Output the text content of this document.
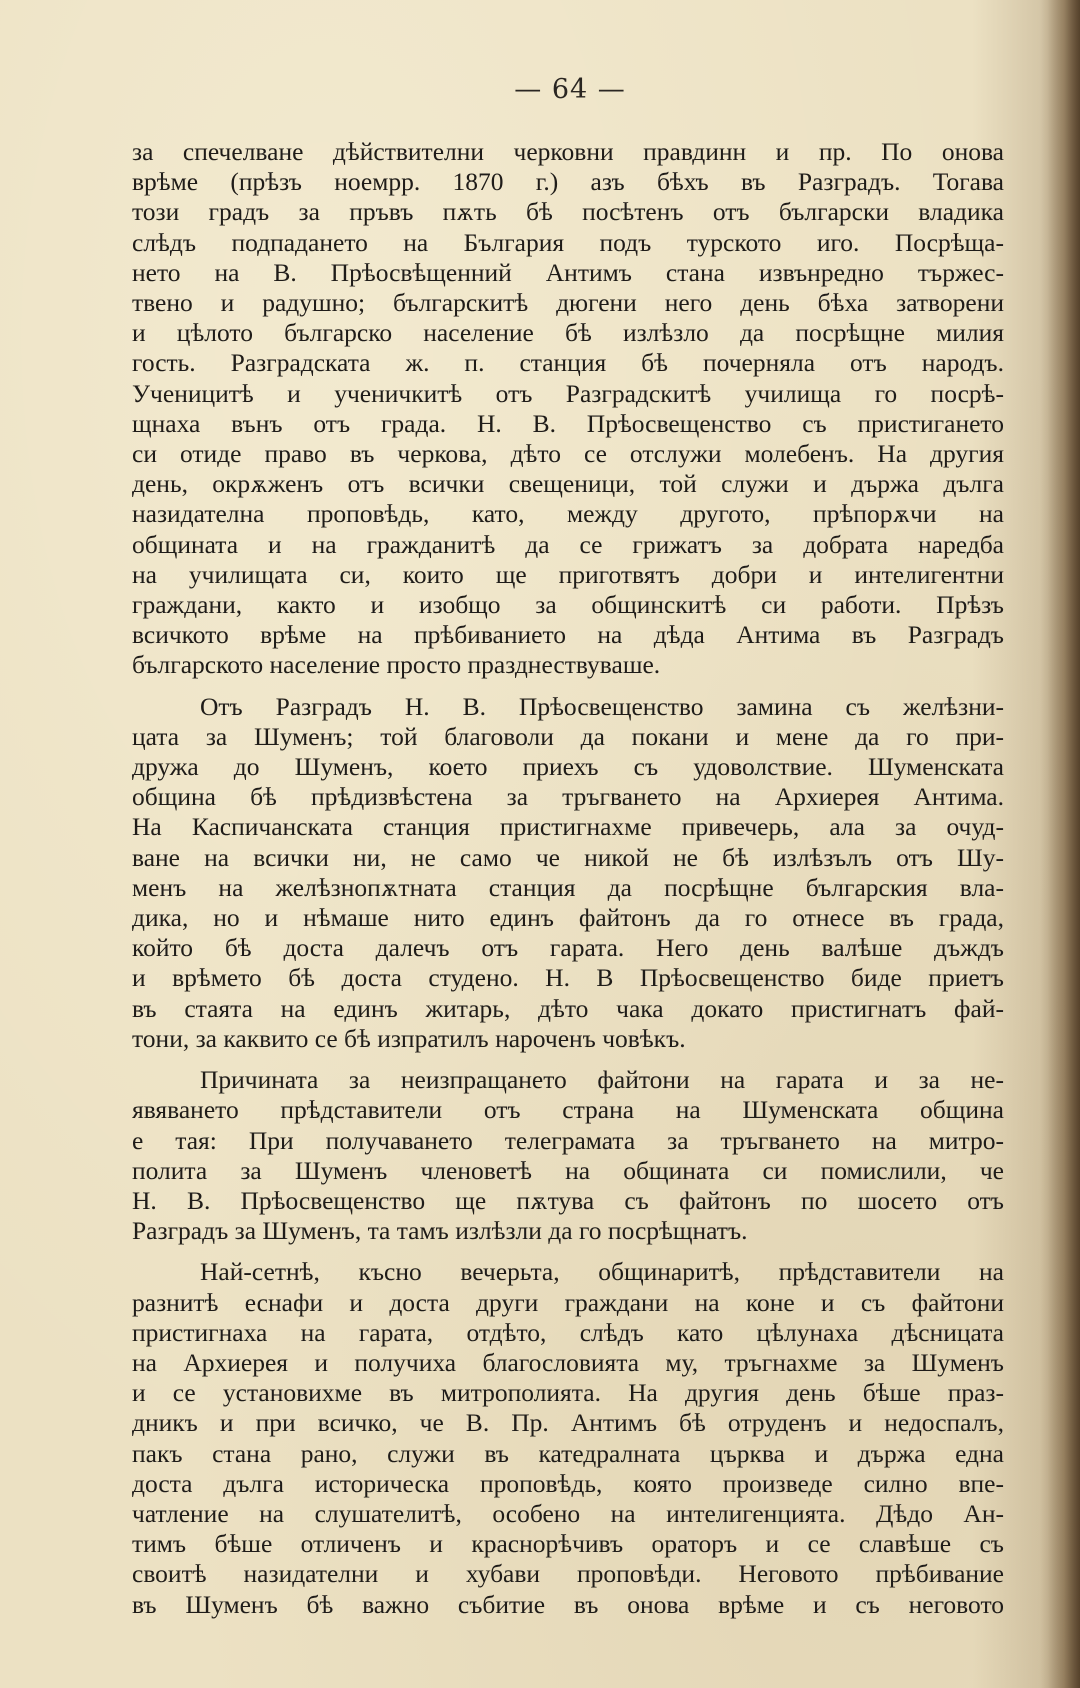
— 64 —
за спечелване дѣйствителни черковни правдинн и пр. По онова
врѣме (прѣзъ ноемрр. 1870 г.) азъ бѣхъ въ Разградъ. Тогава
този градъ за пръвъ пѫть бѣ посѣтенъ отъ български владика
слѣдъ подпадането на България подъ турското иго. Посрѣща-
нето на В. Прѣосвѣщенний Антимъ стана извънредно тържес-
твено и радушно; българскитѣ дюгени него день бѣха затворени
и цѣлото българско население бѣ излѣзло да посрѣщне милия
гость. Разградската ж. п. станция бѣ почерняла отъ народъ.
Ученицитѣ и ученичкитѣ отъ Разградскитѣ училища го посрѣ-
щнаха вънъ отъ града. Н. В. Прѣосвещенство съ пристигането
си отиде право въ черкова, дѣто се отслужи молебенъ. На другия
день, окрѫженъ отъ всички свещеници, той служи и държа дълга
назидателна проповѣдь, като, между другото, прѣпорѫчи на
общината и на гражданитѣ да се грижатъ за добрата наредба
на училищата си, които ще приготвятъ добри и интелигентни
граждани, както и изобщо за общинскитѣ си работи. Прѣзъ
всичкото врѣме на прѣбиванието на дѣда Антима въ Разградъ
българското население просто празднествуваше.
Отъ Разградъ Н. В. Прѣосвещенство замина съ желѣзни-
цата за Шуменъ; той благоволи да покани и мене да го при-
дружа до Шуменъ, което приехъ съ удоволствие. Шуменската
община бѣ прѣдизвѣстена за тръгването на Архиерея Антима.
На Каспичанската станция пристигнахме привечерь, ала за очуд-
ване на всички ни, не само че никой не бѣ излѣзълъ отъ Шу-
менъ на желѣзнопѫтната станция да посрѣщне българския вла-
дика, но и нѣмаше нито единъ файтонъ да го отнесе въ града,
който бѣ доста далечъ отъ гарата. Него день валѣше дъждъ
и врѣмето бѣ доста студено. Н. В Прѣосвещенство биде приетъ
въ стаята на единъ житарь, дѣто чака докато пристигнатъ фай-
тони, за каквито се бѣ изпратилъ нароченъ човѣкъ.
Причината за неизпращането файтони на гарата и за не-
явяването прѣдставители отъ страна на Шуменската община
е тая: При получаването телеграмата за тръгването на митро-
полита за Шуменъ членоветѣ на общината си помислили, че
Н. В. Прѣосвещенство ще пѫтува съ файтонъ по шосето отъ
Разградъ за Шуменъ, та тамъ излѣзли да го посрѣщнатъ.
Най-сетнѣ, късно вечерьта, общинаритѣ, прѣдставители на
разнитѣ еснафи и доста други граждани на коне и съ файтони
пристигнаха на гарата, отдѣто, слѣдъ като цѣлунаха дѣсницата
на Архиерея и получиха благословията му, тръгнахме за Шуменъ
и се установихме въ митрополията. На другия день бѣше праз-
дникъ и при всичко, че В. Пр. Антимъ бѣ отруденъ и недоспалъ,
пакъ стана рано, служи въ катедралната църква и държа една
доста дълга историческа проповѣдь, която произведе силно впе-
чатление на слушателитѣ, особено на интелигенцията. Дѣдо Ан-
тимъ бѣше отличенъ и краснорѣчивъ ораторъ и се славѣше съ
своитѣ назидателни и хубави проповѣди. Неговото прѣбивание
въ Шуменъ бѣ важно събитие въ онова врѣме и съ неговото
